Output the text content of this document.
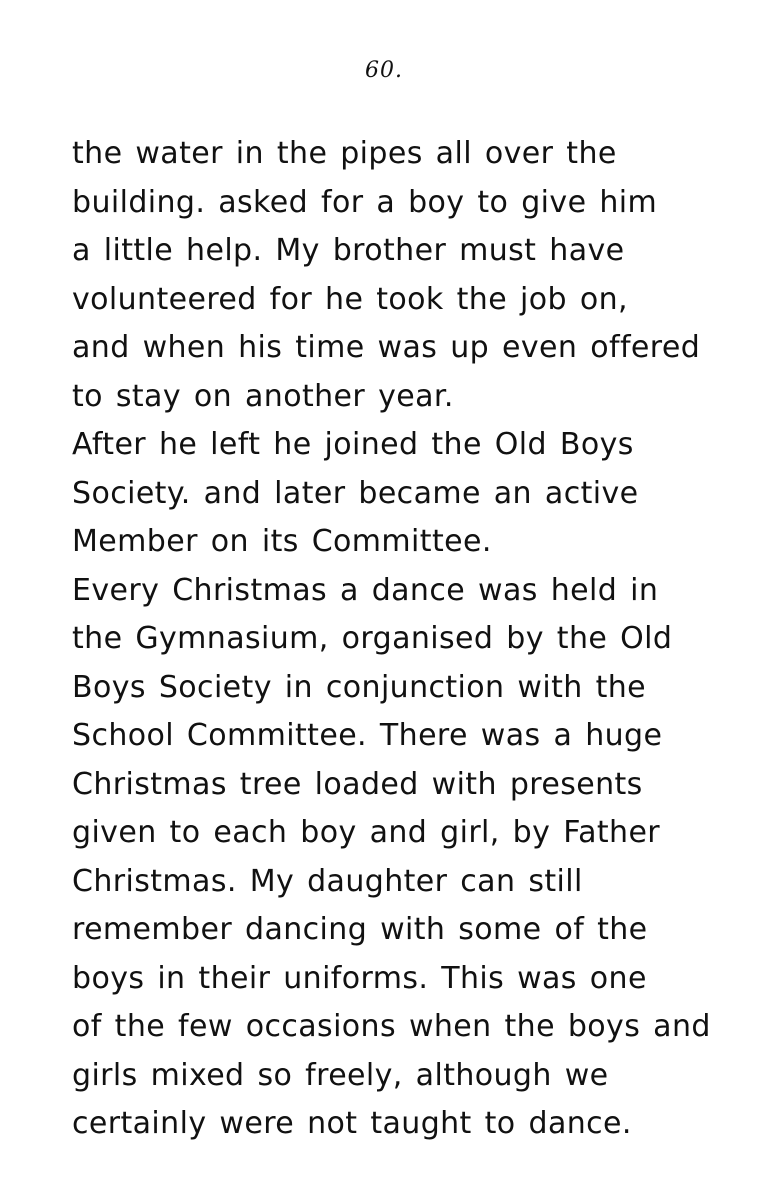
60.
the water in the pipes all over the
building. asked for a boy to give him
a little help. My brother must have
volunteered for he took the job on,
and when his time was up even offered
to stay on another year.
After he left he joined the Old Boys
Society. and later became an active
Member on its Committee.
Every Christmas a dance was held in
the Gymnasium, organised by the Old
Boys Society in conjunction with the
School Committee. There was a huge
Christmas tree loaded with presents
given to each boy and girl, by Father
Christmas. My daughter can still
remember dancing with some of the
boys in their uniforms. This was one
of the few occasions when the boys and
girls mixed so freely, although we
certainly were not taught to dance.
